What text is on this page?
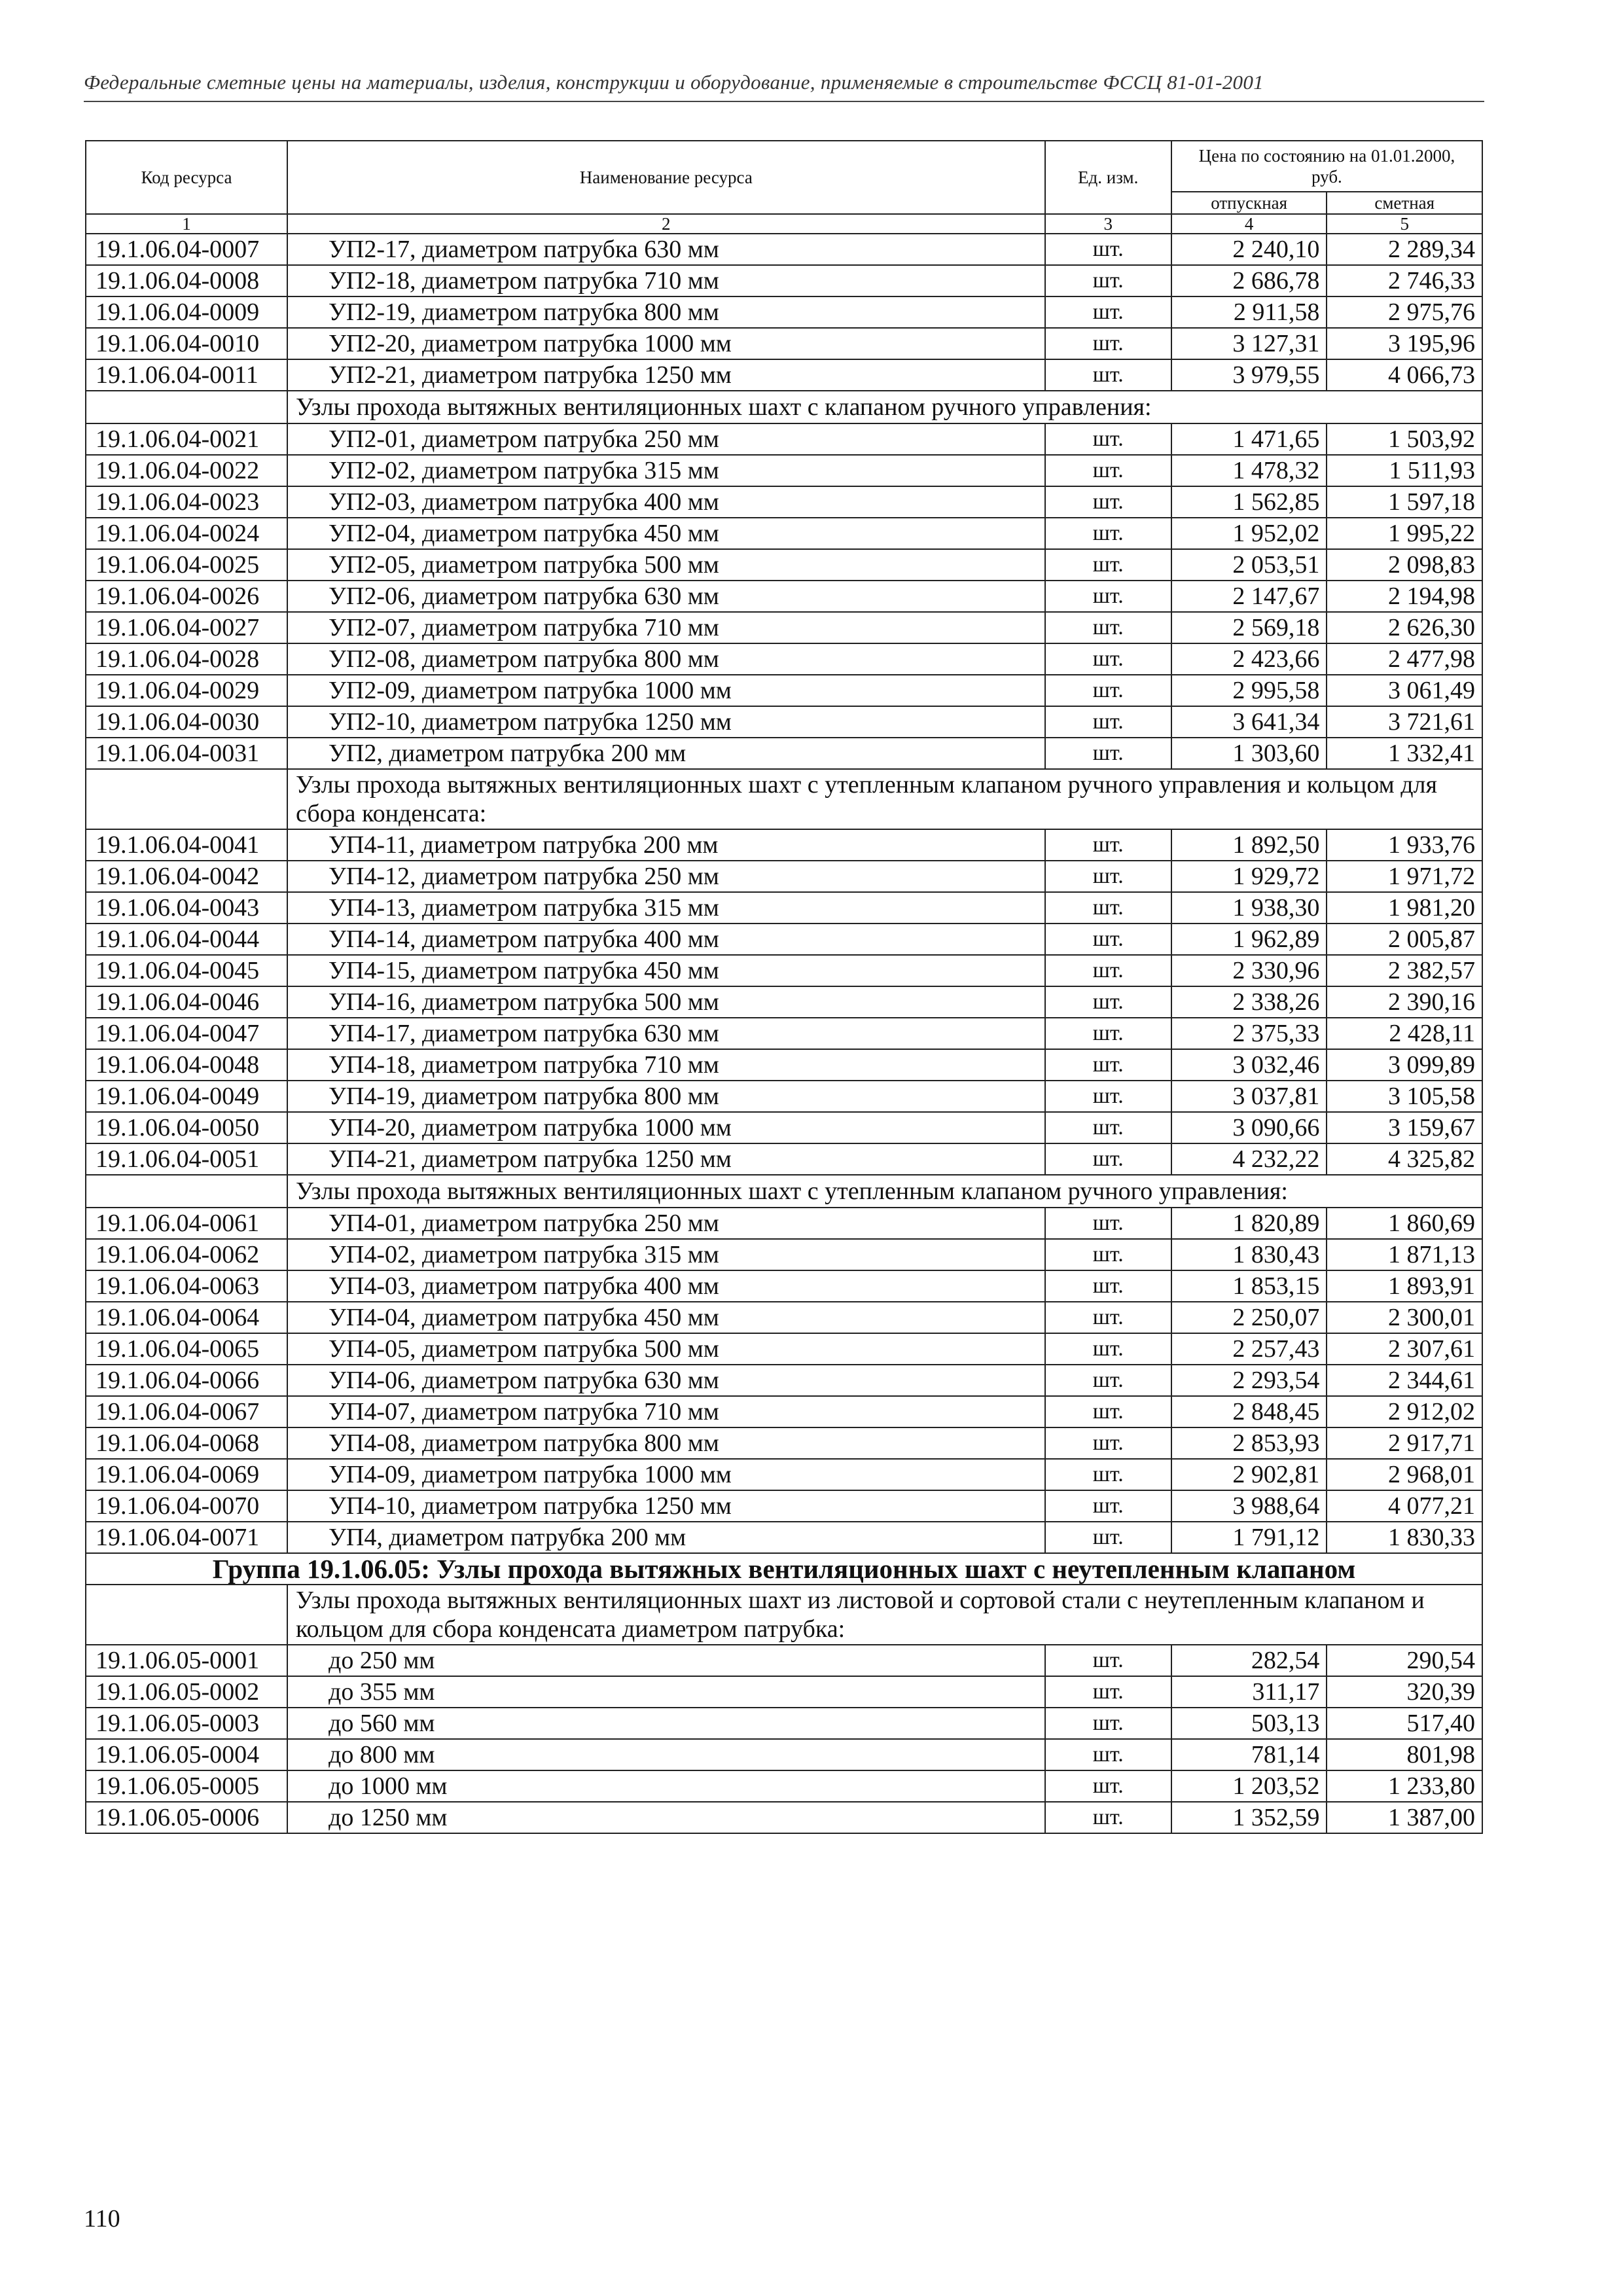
Федеральные сметные цены на материалы, изделия, конструкции и оборудование, применяемые в строительстве ФССЦ 81-01-2001
Код ресурса	Наименование ресурса	Ед. изм.	Цена по состоянию на 01.01.2000, руб.	
			отпускная	сметная
1	2	3	4	5
19.1.06.04-0007	УП2-17, диаметром патрубка 630 мм	шт.	2 240,10	2 289,34
19.1.06.04-0008	УП2-18, диаметром патрубка 710 мм	шт.	2 686,78	2 746,33
19.1.06.04-0009	УП2-19, диаметром патрубка 800 мм	шт.	2 911,58	2 975,76
19.1.06.04-0010	УП2-20, диаметром патрубка 1000 мм	шт.	3 127,31	3 195,96
19.1.06.04-0011	УП2-21, диаметром патрубка 1250 мм	шт.	3 979,55	4 066,73
	Узлы прохода вытяжных вентиляционных шахт с клапаном ручного управления:			
19.1.06.04-0021	УП2-01, диаметром патрубка 250 мм	шт.	1 471,65	1 503,92
19.1.06.04-0022	УП2-02, диаметром патрубка 315 мм	шт.	1 478,32	1 511,93
19.1.06.04-0023	УП2-03, диаметром патрубка 400 мм	шт.	1 562,85	1 597,18
19.1.06.04-0024	УП2-04, диаметром патрубка 450 мм	шт.	1 952,02	1 995,22
19.1.06.04-0025	УП2-05, диаметром патрубка 500 мм	шт.	2 053,51	2 098,83
19.1.06.04-0026	УП2-06, диаметром патрубка 630 мм	шт.	2 147,67	2 194,98
19.1.06.04-0027	УП2-07, диаметром патрубка 710 мм	шт.	2 569,18	2 626,30
19.1.06.04-0028	УП2-08, диаметром патрубка 800 мм	шт.	2 423,66	2 477,98
19.1.06.04-0029	УП2-09, диаметром патрубка 1000 мм	шт.	2 995,58	3 061,49
19.1.06.04-0030	УП2-10, диаметром патрубка 1250 мм	шт.	3 641,34	3 721,61
19.1.06.04-0031	УП2, диаметром патрубка 200 мм	шт.	1 303,60	1 332,41
	Узлы прохода вытяжных вентиляционных шахт с утепленным клапаном ручного управления и кольцом для сбора конденсата:			
19.1.06.04-0041	УП4-11, диаметром патрубка 200 мм	шт.	1 892,50	1 933,76
19.1.06.04-0042	УП4-12, диаметром патрубка 250 мм	шт.	1 929,72	1 971,72
19.1.06.04-0043	УП4-13, диаметром патрубка 315 мм	шт.	1 938,30	1 981,20
19.1.06.04-0044	УП4-14, диаметром патрубка 400 мм	шт.	1 962,89	2 005,87
19.1.06.04-0045	УП4-15, диаметром патрубка 450 мм	шт.	2 330,96	2 382,57
19.1.06.04-0046	УП4-16, диаметром патрубка 500 мм	шт.	2 338,26	2 390,16
19.1.06.04-0047	УП4-17, диаметром патрубка 630 мм	шт.	2 375,33	2 428,11
19.1.06.04-0048	УП4-18, диаметром патрубка 710 мм	шт.	3 032,46	3 099,89
19.1.06.04-0049	УП4-19, диаметром патрубка 800 мм	шт.	3 037,81	3 105,58
19.1.06.04-0050	УП4-20, диаметром патрубка 1000 мм	шт.	3 090,66	3 159,67
19.1.06.04-0051	УП4-21, диаметром патрубка 1250 мм	шт.	4 232,22	4 325,82
	Узлы прохода вытяжных вентиляционных шахт с утепленным клапаном ручного управления:			
19.1.06.04-0061	УП4-01, диаметром патрубка 250 мм	шт.	1 820,89	1 860,69
19.1.06.04-0062	УП4-02, диаметром патрубка 315 мм	шт.	1 830,43	1 871,13
19.1.06.04-0063	УП4-03, диаметром патрубка 400 мм	шт.	1 853,15	1 893,91
19.1.06.04-0064	УП4-04, диаметром патрубка 450 мм	шт.	2 250,07	2 300,01
19.1.06.04-0065	УП4-05, диаметром патрубка 500 мм	шт.	2 257,43	2 307,61
19.1.06.04-0066	УП4-06, диаметром патрубка 630 мм	шт.	2 293,54	2 344,61
19.1.06.04-0067	УП4-07, диаметром патрубка 710 мм	шт.	2 848,45	2 912,02
19.1.06.04-0068	УП4-08, диаметром патрубка 800 мм	шт.	2 853,93	2 917,71
19.1.06.04-0069	УП4-09, диаметром патрубка 1000 мм	шт.	2 902,81	2 968,01
19.1.06.04-0070	УП4-10, диаметром патрубка 1250 мм	шт.	3 988,64	4 077,21
19.1.06.04-0071	УП4, диаметром патрубка 200 мм	шт.	1 791,12	1 830,33
Группа 19.1.06.05: Узлы прохода вытяжных вентиляционных шахт с неутепленным клапаном				
	Узлы прохода вытяжных вентиляционных шахт из листовой и сортовой стали с неутепленным клапаном и кольцом для сбора конденсата диаметром патрубка:			
19.1.06.05-0001	до 250 мм	шт.	282,54	290,54
19.1.06.05-0002	до 355 мм	шт.	311,17	320,39
19.1.06.05-0003	до 560 мм	шт.	503,13	517,40
19.1.06.05-0004	до 800 мм	шт.	781,14	801,98
19.1.06.05-0005	до 1000 мм	шт.	1 203,52	1 233,80
19.1.06.05-0006	до 1250 мм	шт.	1 352,59	1 387,00
110
